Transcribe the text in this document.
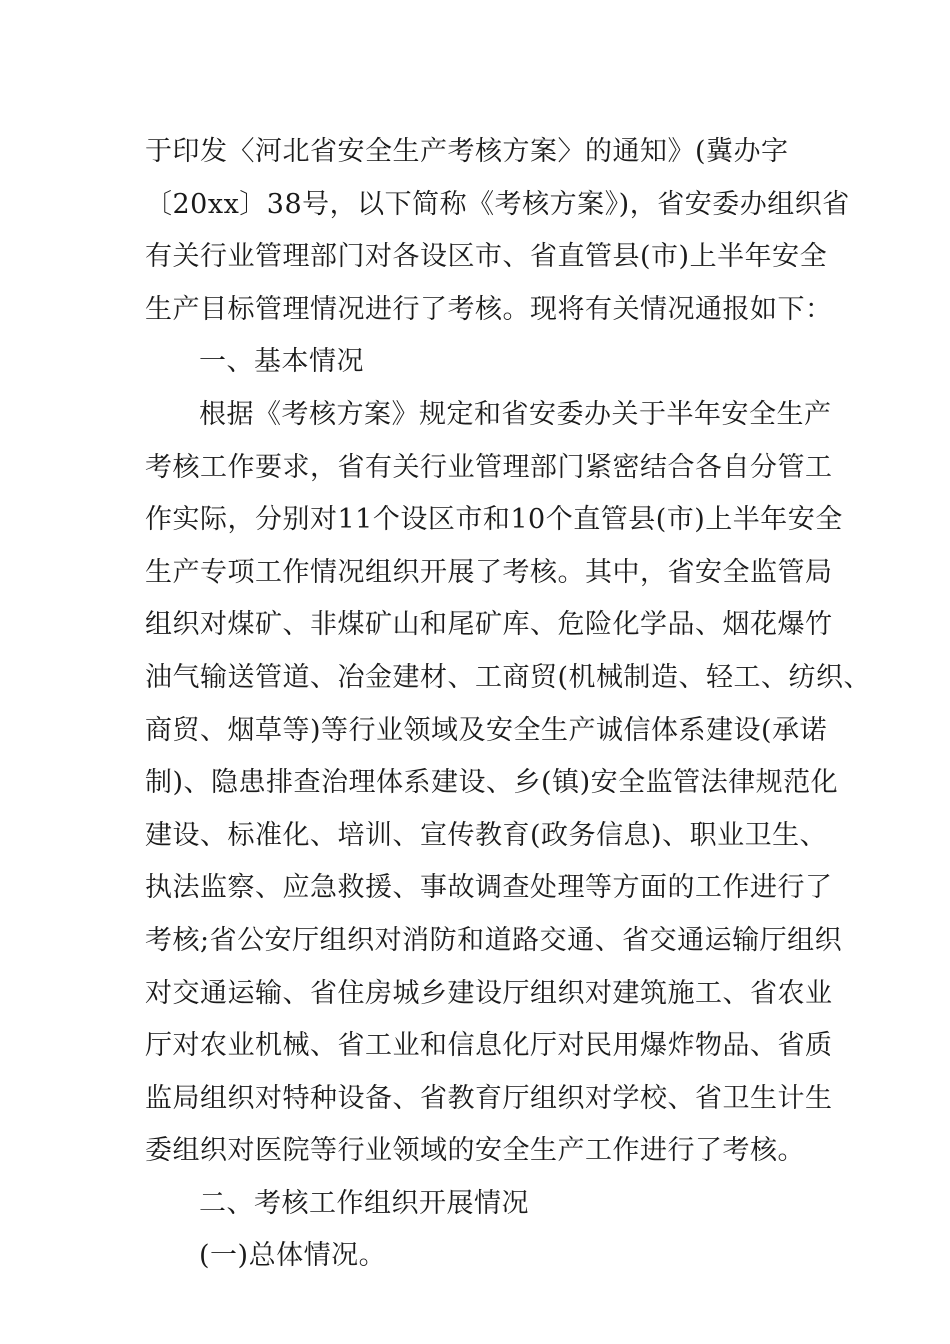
于印发〈河北省安全生产考核方案〉的通知》(冀办字
〔20xx〕38号，以下简称《考核方案》)，省安委办组织省
有关行业管理部门对各设区市、省直管县(市)上半年安全
生产目标管理情况进行了考核。现将有关情况通报如下：
一、基本情况
根据《考核方案》规定和省安委办关于半年安全生产
考核工作要求，省有关行业管理部门紧密结合各自分管工
作实际，分别对11个设区市和10个直管县(市)上半年安全
生产专项工作情况组织开展了考核。其中，省安全监管局
组织对煤矿、非煤矿山和尾矿库、危险化学品、烟花爆竹
油气输送管道、冶金建材、工商贸(机械制造、轻工、纺织、
商贸、烟草等)等行业领域及安全生产诚信体系建设(承诺
制)、隐患排查治理体系建设、乡(镇)安全监管法律规范化
建设、标准化、培训、宣传教育(政务信息)、职业卫生、
执法监察、应急救援、事故调查处理等方面的工作进行了
考核;省公安厅组织对消防和道路交通、省交通运输厅组织
对交通运输、省住房城乡建设厅组织对建筑施工、省农业
厅对农业机械、省工业和信息化厅对民用爆炸物品、省质
监局组织对特种设备、省教育厅组织对学校、省卫生计生
委组织对医院等行业领域的安全生产工作进行了考核。
二、考核工作组织开展情况
(一)总体情况。
